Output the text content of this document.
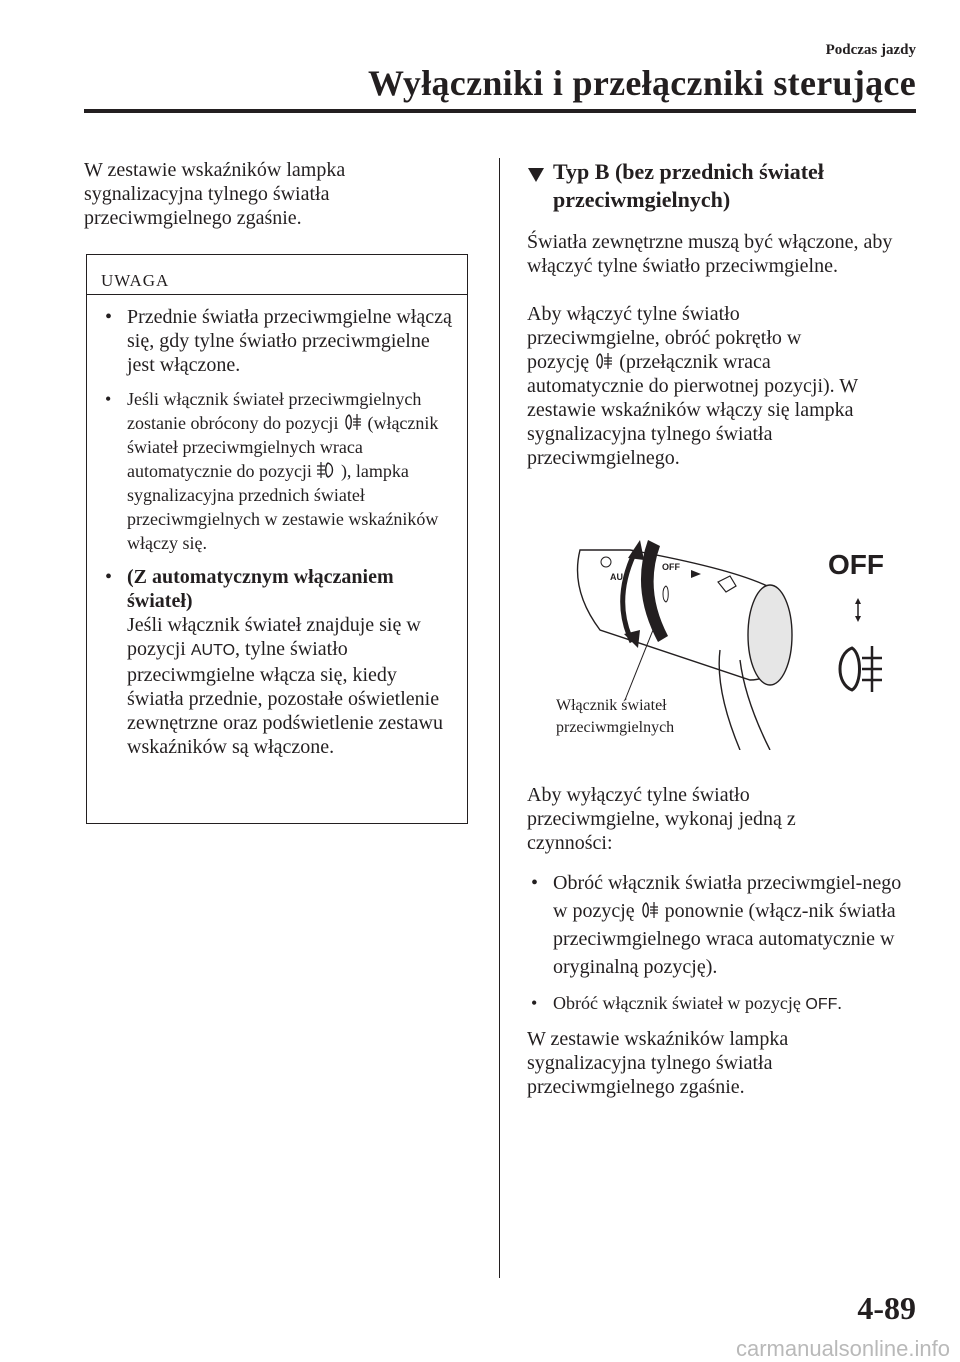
Podczas jazdy
Wyłączniki i przełączniki sterujące

W zestawie wskaźników lampka sygnalizacyjna tylnego światła przeciwmgielnego zgaśnie.

UWAGA
• Przednie światła przeciwmgielne włączą się, gdy tylne światło przeciwmgielne jest włączone.
• Jeśli włącznik świateł przeciwmgielnych zostanie obrócony do pozycji (włącznik świateł przeciwmgielnych wraca automatycznie do pozycji ), lampka sygnalizacyjna przednich świateł przeciwmgielnych w zestawie wskaźników włączy się.
• (Z automatycznym włączaniem świateł)
Jeśli włącznik świateł znajduje się w pozycji AUTO, tylne światło przeciwmgielne włącza się, kiedy światła przednie, pozostałe oświetlenie zewnętrzne oraz podświetlenie zestawu wskaźników są włączone.
Typ B (bez przednich świateł przeciwmgielnych)

Światła zewnętrzne muszą być włączone, aby włączyć tylne światło przeciwmgielne.

Aby włączyć tylne światło przeciwmgielne, obróć pokrętło w pozycję (przełącznik wraca automatycznie do pierwotnej pozycji). W zestawie wskaźników włączy się lampka sygnalizacyjna tylnego światła przeciwmgielnego.

OFF
AU	OFF
Włącznik świateł
przeciwmgielnych

Aby wyłączyć tylne światło przeciwmgielne, wykonaj jedną z czynności:

• Obróć włącznik światła przeciwmgiel-nego w pozycję ponownie (włącz-nik światła przeciwmgielnego wraca automatycznie w oryginalną pozycję).
• Obróć włącznik świateł w pozycję OFF.

W zestawie wskaźników lampka sygnalizacyjna tylnego światła przeciwmgielnego zgaśnie.

4-89
carmanualsonline.info
